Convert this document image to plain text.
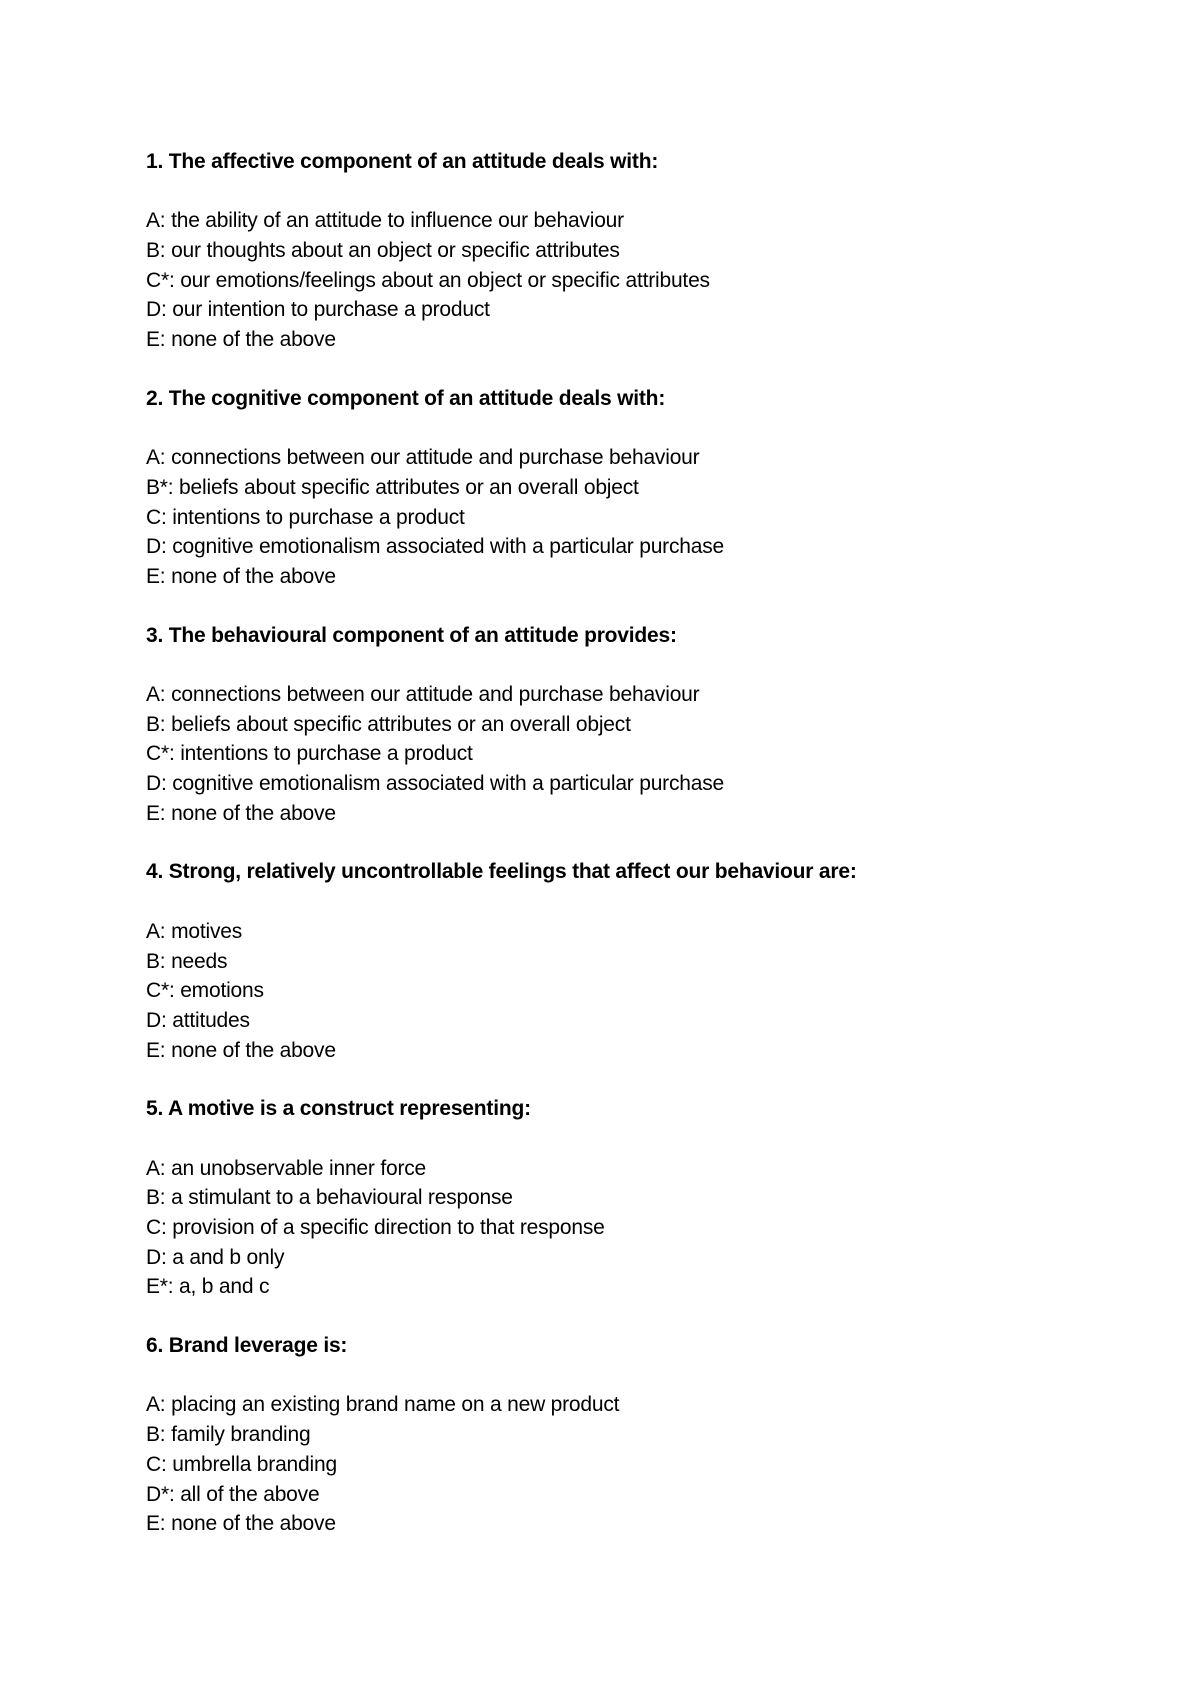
1. The affective component of an attitude deals with:
A: the ability of an attitude to influence our behaviour
B: our thoughts about an object or specific attributes
C*: our emotions/feelings about an object or specific attributes
D: our intention to purchase a product
E: none of the above
2. The cognitive component of an attitude deals with:
A: connections between our attitude and purchase behaviour
B*: beliefs about specific attributes or an overall object
C: intentions to purchase a product
D: cognitive emotionalism associated with a particular purchase
E: none of the above
3. The behavioural component of an attitude provides:
A: connections between our attitude and purchase behaviour
B: beliefs about specific attributes or an overall object
C*: intentions to purchase a product
D: cognitive emotionalism associated with a particular purchase
E: none of the above
4. Strong, relatively uncontrollable feelings that affect our behaviour are:
A: motives
B: needs
C*: emotions
D: attitudes
E: none of the above
5. A motive is a construct representing:
A: an unobservable inner force
B: a stimulant to a behavioural response
C: provision of a specific direction to that response
D: a and b only
E*: a, b and c
6. Brand leverage is:
A: placing an existing brand name on a new product
B: family branding
C: umbrella branding
D*: all of the above
E: none of the above
